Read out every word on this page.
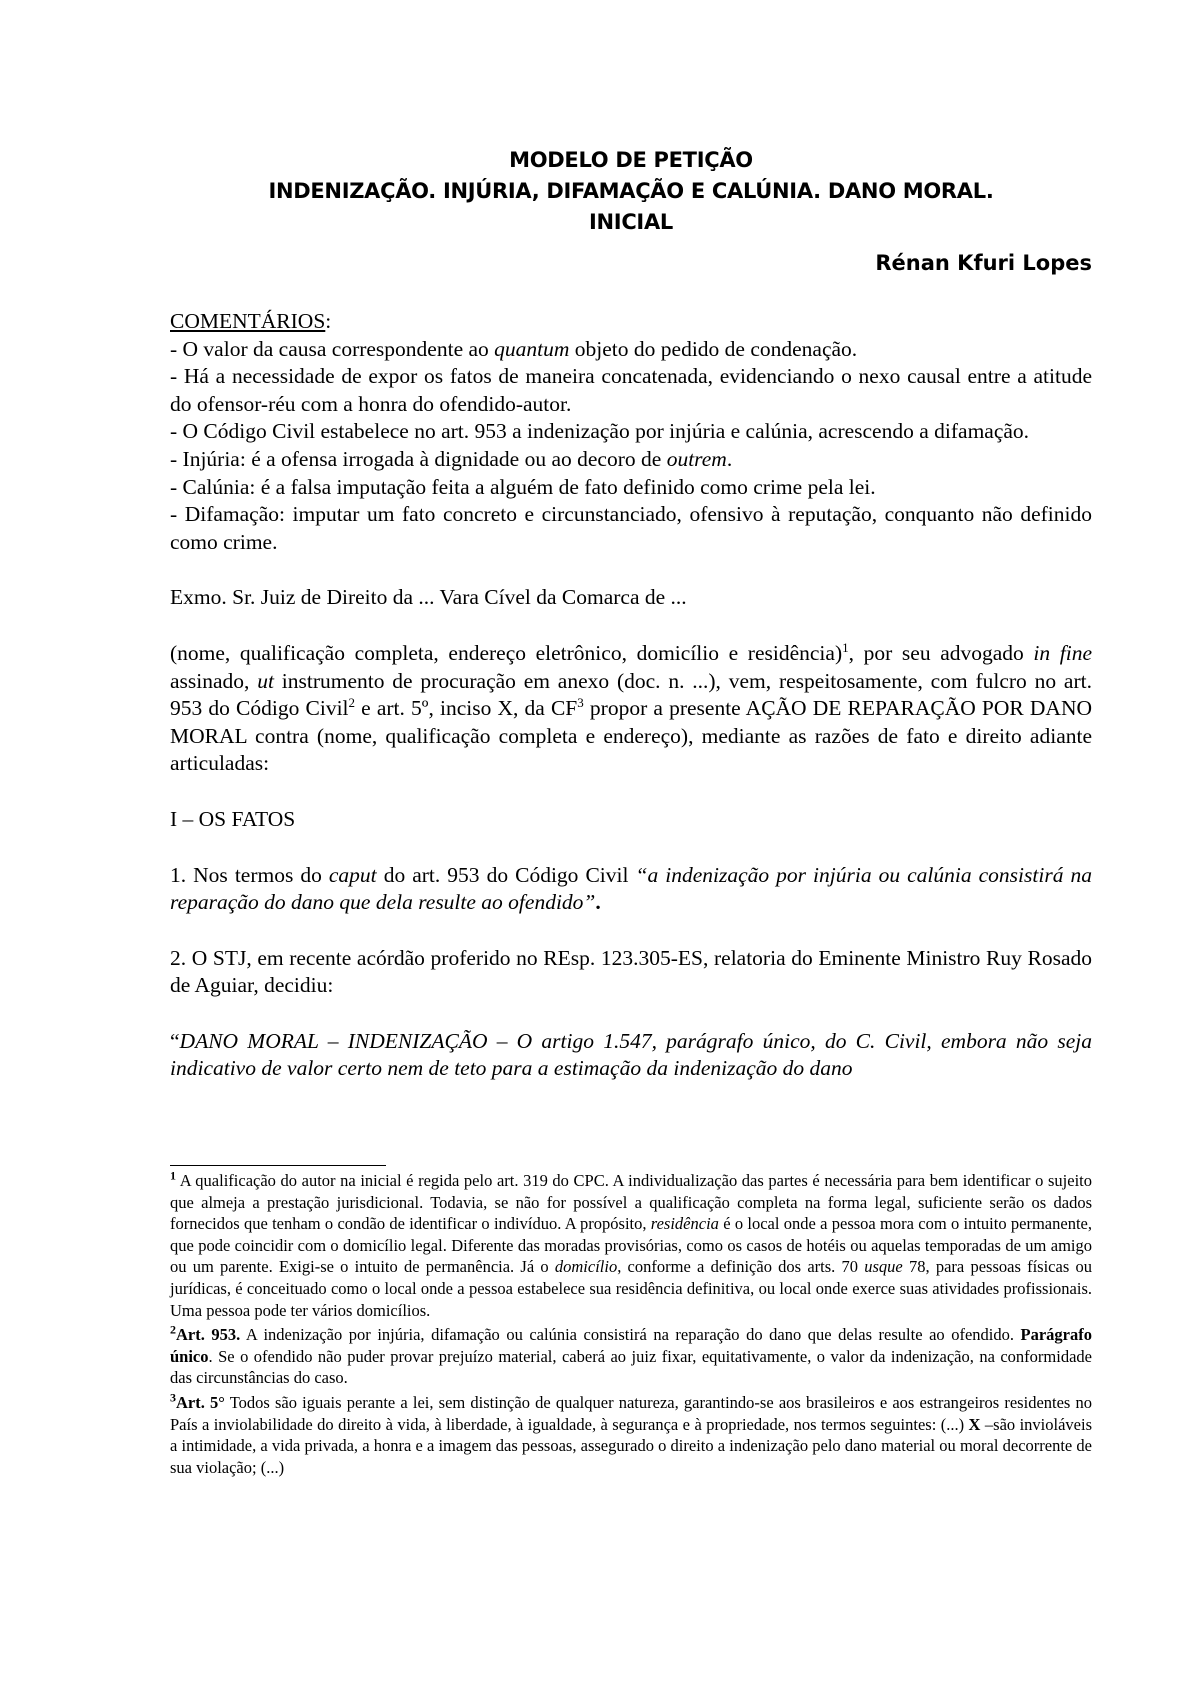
MODELO DE PETIÇÃO
INDENIZAÇÃO. INJÚRIA, DIFAMAÇÃO E CALÚNIA. DANO MORAL.
INICIAL

Rénan Kfuri Lopes

COMENTÁRIOS:

- O valor da causa correspondente ao quantum objeto do pedido de condenação.

- Há a necessidade de expor os fatos de maneira concatenada, evidenciando o nexo causal entre a atitude do ofensor-réu com a honra do ofendido-autor.

- O Código Civil estabelece no art. 953 a indenização por injúria e calúnia, acrescendo a difamação.

- Injúria: é a ofensa irrogada à dignidade ou ao decoro de outrem.

- Calúnia: é a falsa imputação feita a alguém de fato definido como crime pela lei.

- Difamação: imputar um fato concreto e circunstanciado, ofensivo à reputação, conquanto não definido como crime.

Exmo. Sr. Juiz de Direito da ... Vara Cível da Comarca de ...

(nome, qualificação completa, endereço eletrônico, domicílio e residência)$^1$, por seu advogado in fine assinado, ut instrumento de procuração em anexo (doc. n. ...), vem, respeitosamente, com fulcro no art. 953 do Código Civil$^2$ e art. 5º, inciso X, da $CF^3$ propor a presente AÇÃO DE REPARAÇÃO POR DANO MORAL contra (nome, qualificação completa e endereço), mediante as razões de fato e direito adiante articuladas:

I – OS FATOS

1. Nos termos do caput do art. 953 do Código Civil “a indenização por injúria ou calúnia consistirá na reparação do dano que dela resulte ao ofendido”.

2. O STJ, em recente acórdão proferido no REsp. 123.305-ES, relatoria do Eminente Ministro Ruy Rosado de Aguiar, decidiu:

“DANO MORAL – INDENIZAÇÃO – O artigo 1.547, parágrafo único, do C. Civil, embora não seja indicativo de valor certo nem de teto para a estimação da indenização do dano

$^1$ A qualificação do autor na inicial é regida pelo art. 319 do CPC. A individualização das partes é necessária para bem identificar o sujeito que almeja a prestação jurisdicional. Todavia, se não for possível a qualificação completa na forma legal, suficiente serão os dados fornecidos que tenham o condão de identificar o indivíduo. A propósito, residência é o local onde a pessoa mora com o intuito permanente, que pode coincidir com o domicílio legal. Diferente das moradas provisórias, como os casos de hotéis ou aquelas temporadas de um amigo ou um parente. Exigi-se o intuito de permanência. Já o domicílio, conforme a definição dos arts. 70 usque 78, para pessoas físicas ou jurídicas, é conceituado como o local onde a pessoa estabelece sua residência definitiva, ou local onde exerce suas atividades profissionais. Uma pessoa pode ter vários domicílios.

$^2$Art. 953. A indenização por injúria, difamação ou calúnia consistirá na reparação do dano que delas resulte ao ofendido. Parágrafo único. Se o ofendido não puder provar prejuízo material, caberá ao juiz fixar, equitativamente, o valor da indenização, na conformidade das circunstâncias do caso.

$^3$Art. 5° Todos são iguais perante a lei, sem distinção de qualquer natureza, garantindo-se aos brasileiros e aos estrangeiros residentes no País a inviolabilidade do direito à vida, à liberdade, à igualdade, à segurança e à propriedade, nos termos seguintes: (...) X –são invioláveis a intimidade, a vida privada, a honra e a imagem das pessoas, assegurado o direito a indenização pelo dano material ou moral decorrente de sua violação; (...)
